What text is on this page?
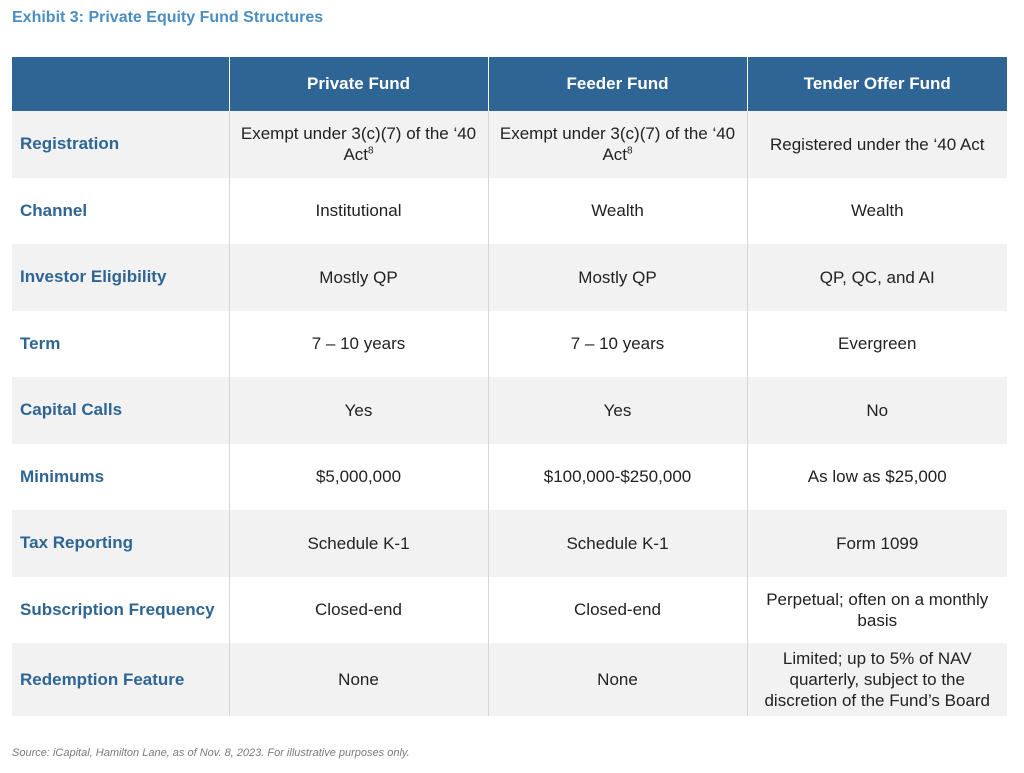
Exhibit 3: Private Equity Fund Structures
	Private Fund	Feeder Fund	Tender Offer Fund
Registration	Exempt under 3(c)(7) of the ‘40 Act$^8$	Exempt under 3(c)(7) of the ‘40 Act$^8$	Registered under the ‘40 Act
Channel	Institutional	Wealth	Wealth
Investor Eligibility	Mostly QP	Mostly QP	QP, QC, and AI
Term	7 – 10 years	7 – 10 years	Evergreen
Capital Calls	Yes	Yes	No
Minimums	$5,000,000	$100,000-$250,000	As low as $25,000
Tax Reporting	Schedule K-1	Schedule K-1	Form 1099
Subscription Frequency	Closed-end	Closed-end	Perpetual; often on a monthly basis
Redemption Feature	None	None	Limited; up to 5% of NAV quarterly, subject to the discretion of the Fund’s Board

Source: iCapital, Hamilton Lane, as of Nov. 8, 2023. For illustrative purposes only.
